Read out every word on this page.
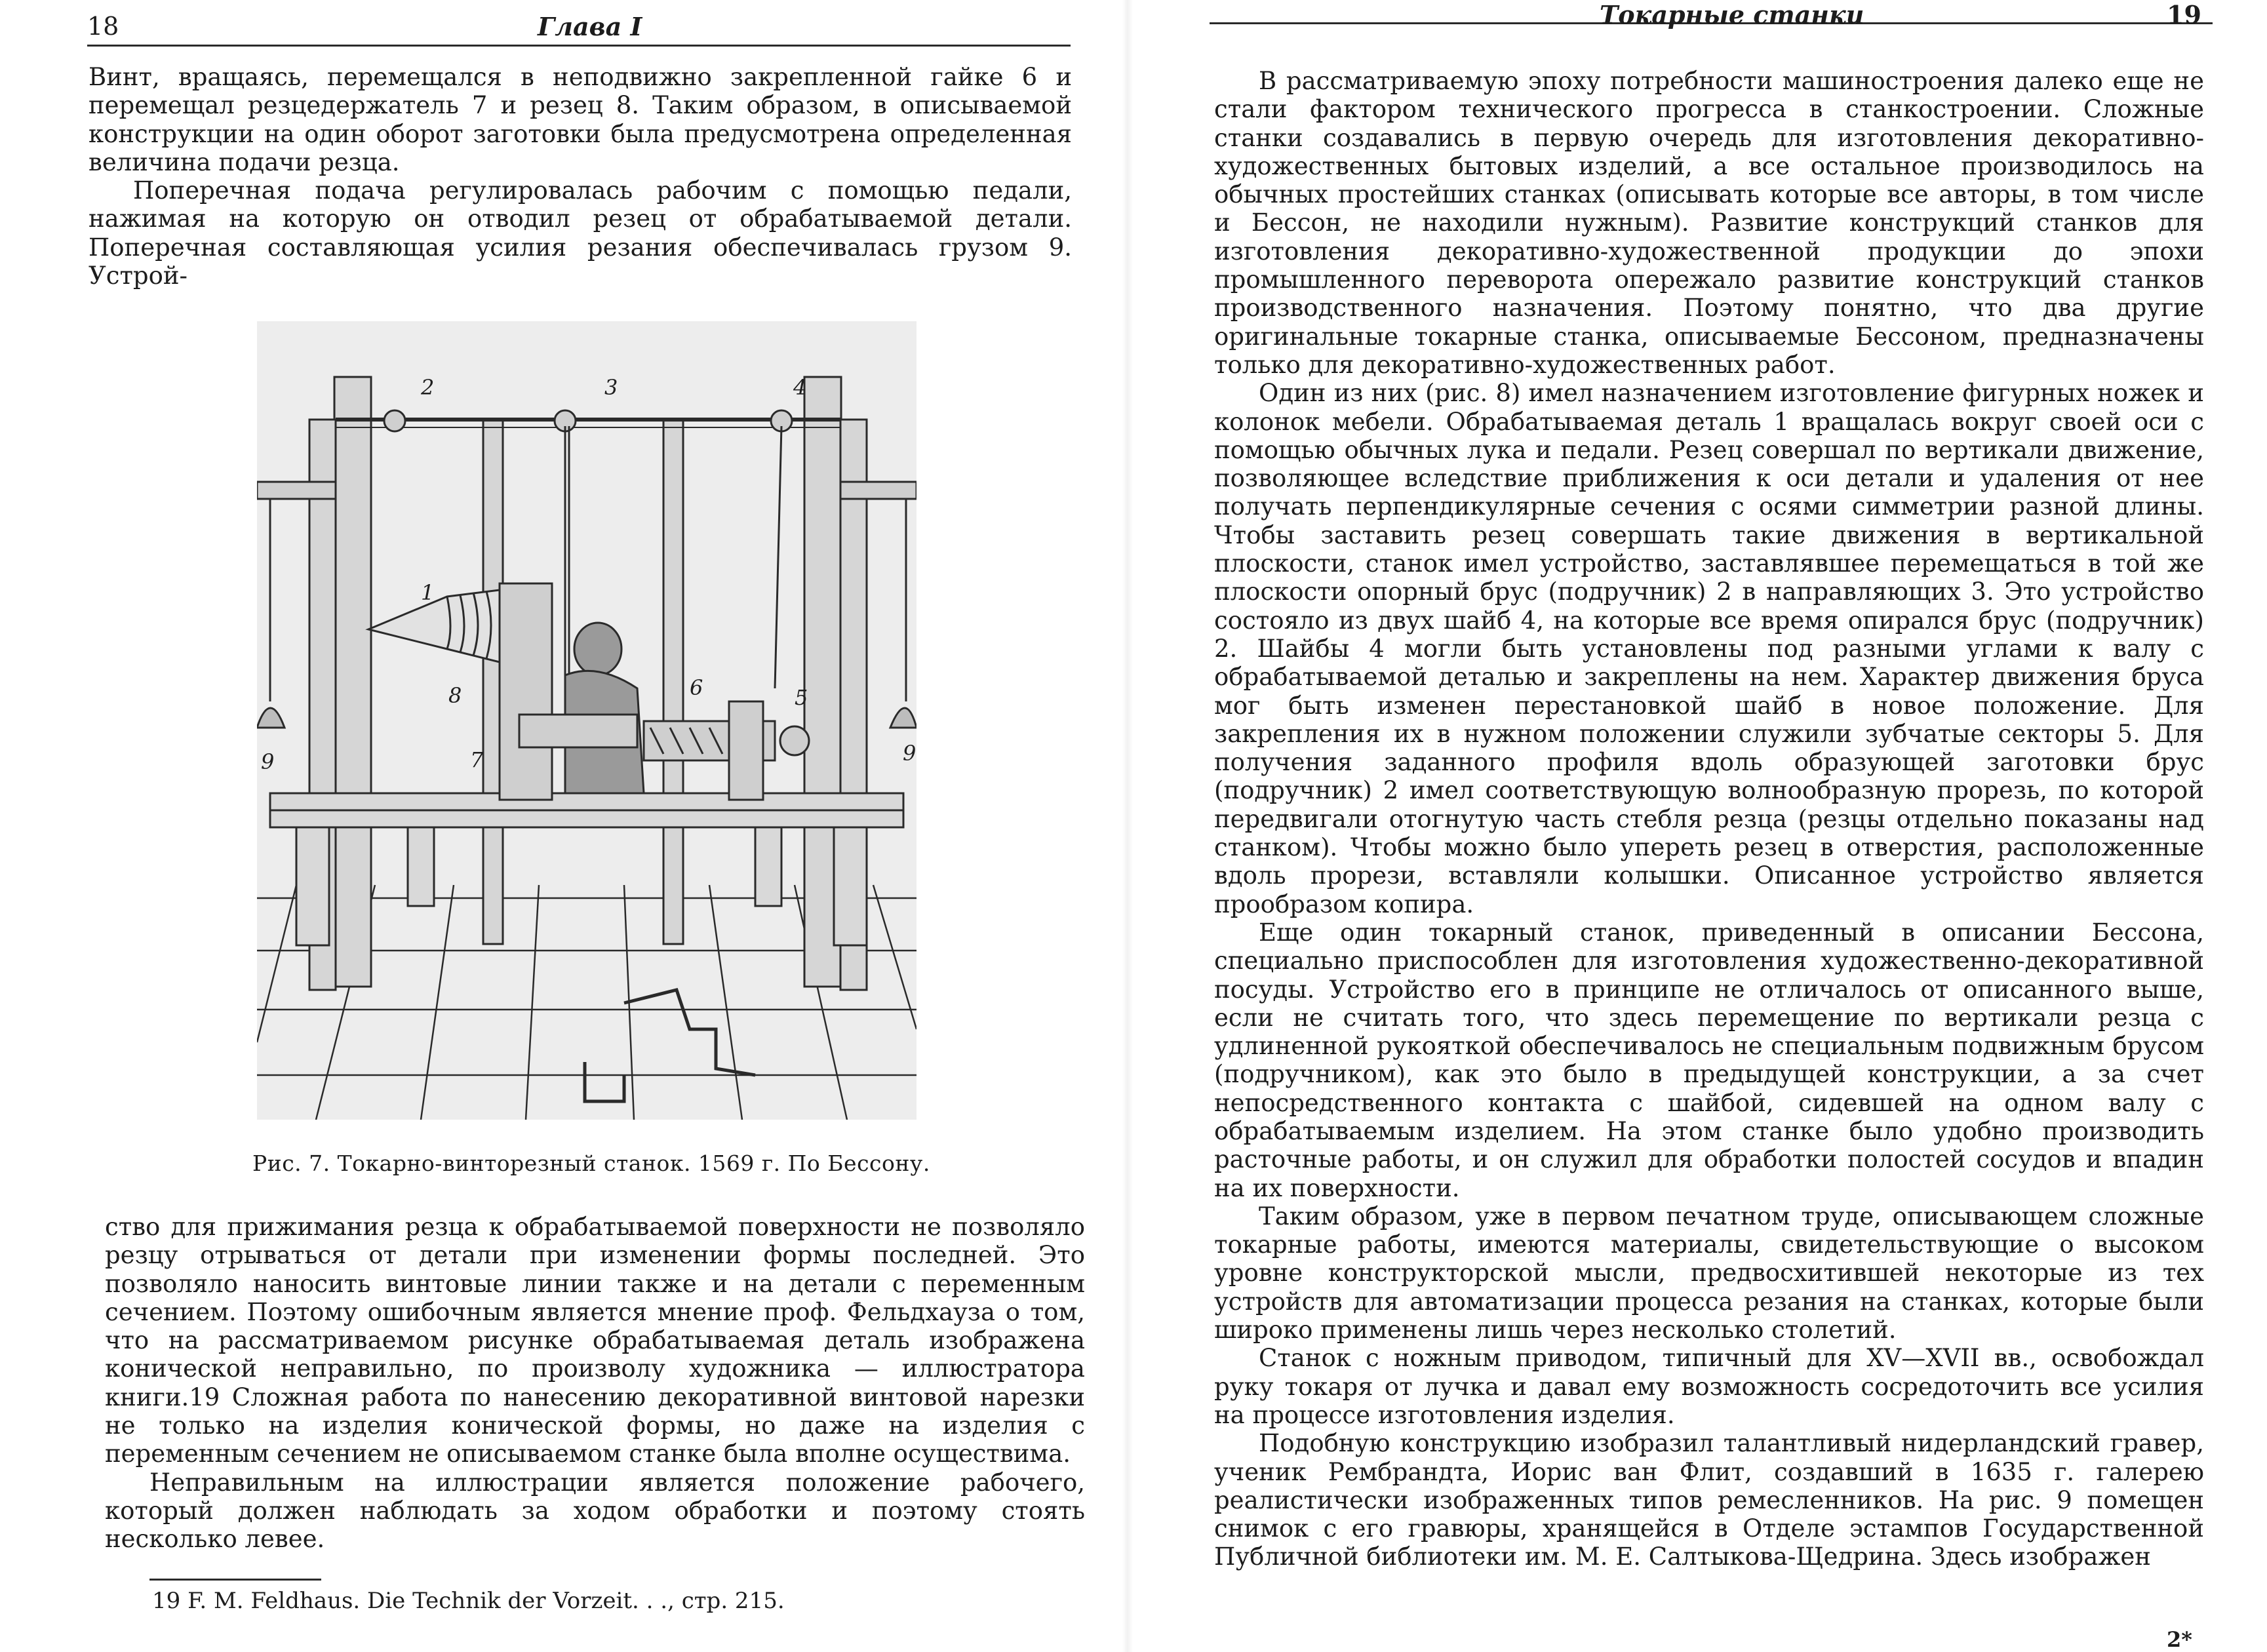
18	Глава I

Винт, вращаясь, перемещался в неподвижно закрепленной гайке 6 и перемещал резцедержатель 7 и резец 8. Таким образом, в описываемой конструкции на один оборот заготовки была предусмотрена определенная величина подачи резца.

Поперечная подача регулировалась рабочим с помощью педали, нажимая на которую он отводил резец от обрабатываемой детали. Поперечная составляющая усилия резания обеспечивалась грузом 9. Устрой-

1
2	3	4
5
6
7
8
9	9
Рис. 7. Токарно-винторезный станок. 1569 г. По Бессону.

ство для прижимания резца к обрабатываемой поверхности не позволяло резцу отрываться от детали при изменении формы последней. Это позволяло наносить винтовые линии также и на детали с переменным сечением. Поэтому ошибочным является мнение проф. Фельдхауза о том, что на рассматриваемом рисунке обрабатываемая деталь изображена конической неправильно, по произволу художника — иллюстратора книги.19 Сложная работа по нанесению декоративной винтовой нарезки не только на изделия конической формы, но даже на изделия с переменным сечением не описываемом станке была вполне осуществима.

Неправильным на иллюстрации является положение рабочего, который должен наблюдать за ходом обработки и поэтому стоять несколько левее.

19 F. M. Feldhaus. Die Technik der Vorzeit. . ., стр. 215.
Токарные станки	19

В рассматриваемую эпоху потребности машиностроения далеко еще не стали фактором технического прогресса в станкостроении. Сложные станки создавались в первую очередь для изготовления декоративно-художественных бытовых изделий, а все остальное производилось на обычных простейших станках (описывать которые все авторы, в том числе и Бессон, не находили нужным). Развитие конструкций станков для изготовления декоративно-художественной продукции до эпохи промышленного переворота опережало развитие конструкций станков производственного назначения. Поэтому понятно, что два другие оригинальные токарные станка, описываемые Бессоном, предназначены только для декоративно-художественных работ.

Один из них (рис. 8) имел назначением изготовление фигурных ножек и колонок мебели. Обрабатываемая деталь 1 вращалась вокруг своей оси с помощью обычных лука и педали. Резец совершал по вертикали движение, позволяющее вследствие приближения к оси детали и удаления от нее получать перпендикулярные сечения с осями симметрии разной длины. Чтобы заставить резец совершать такие движения в вертикальной плоскости, станок имел устройство, заставлявшее перемещаться в той же плоскости опорный брус (подручник) 2 в направляющих 3. Это устройство состояло из двух шайб 4, на которые все время опирался брус (подручник) 2. Шайбы 4 могли быть установлены под разными углами к валу с обрабатываемой деталью и закреплены на нем. Характер движения бруса мог быть изменен перестановкой шайб в новое положение. Для закрепления их в нужном положении служили зубчатые секторы 5. Для получения заданного профиля вдоль образующей заготовки брус (подручник) 2 имел соответствующую волнообразную прорезь, по которой передвигали отогнутую часть стебля резца (резцы отдельно показаны над станком). Чтобы можно было упереть резец в отверстия, расположенные вдоль прорези, вставляли колышки. Описанное устройство является прообразом копира.

Еще один токарный станок, приведенный в описании Бессона, специально приспособлен для изготовления художественно-декоративной посуды. Устройство его в принципе не отличалось от описанного выше, если не считать того, что здесь перемещение по вертикали резца с удлиненной рукояткой обеспечивалось не специальным подвижным брусом (подручником), как это было в предыдущей конструкции, а за счет непосредственного контакта с шайбой, сидевшей на одном валу с обрабатываемым изделием. На этом станке было удобно производить расточные работы, и он служил для обработки полостей сосудов и впадин на их поверхности.

Таким образом, уже в первом печатном труде, описывающем сложные токарные работы, имеются материалы, свидетельствующие о высоком уровне конструкторской мысли, предвосхитившей некоторые из тех устройств для автоматизации процесса резания на станках, которые были широко применены лишь через несколько столетий.

Станок с ножным приводом, типичный для XV—XVII вв., освобождал руку токаря от лучка и давал ему возможность сосредоточить все усилия на процессе изготовления изделия.

Подобную конструкцию изобразил талантливый нидерландский гравер, ученик Рембрандта, Иорис ван Флит, создавший в 1635 г. галерею реалистически изображенных типов ремесленников. На рис. 9 помещен снимок с его гравюры, хранящейся в Отделе эстампов Государственной Публичной библиотеки им. М. Е. Салтыкова-Щедрина. Здесь изображен

2*
